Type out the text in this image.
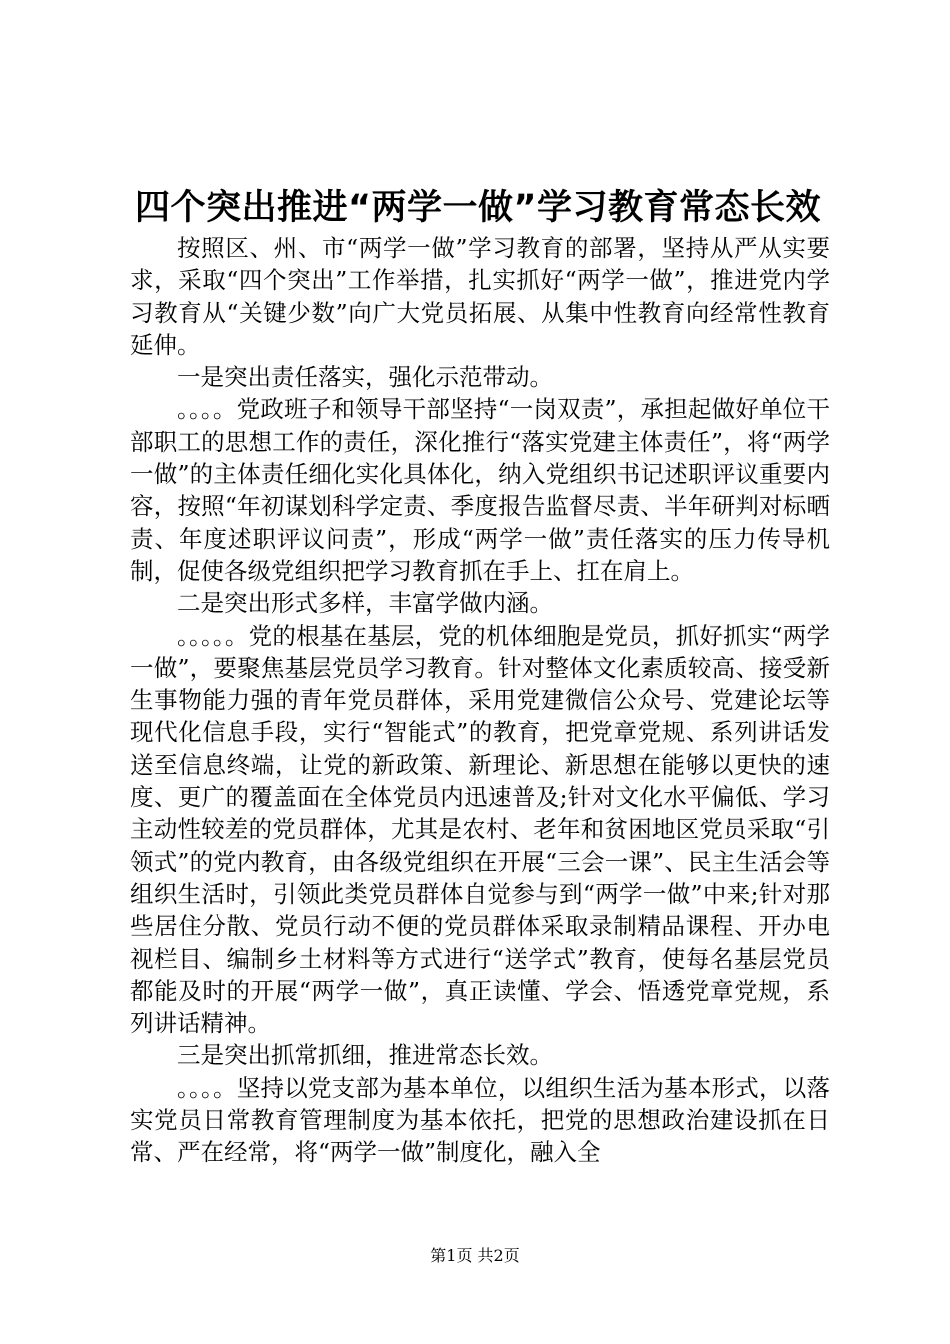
四个突出推进“两学一做”学习教育常态长效

按照区、州、市“两学一做”学习教育的部署，坚持从严从实要求，采取“四个突出”工作举措，扎实抓好“两学一做”，推进党内学习教育从“关键少数”向广大党员拓展、从集中性教育向经常性教育延伸。

一是突出责任落实，强化示范带动。

。。。。党政班子和领导干部坚持“一岗双责”，承担起做好单位干部职工的思想工作的责任，深化推行“落实党建主体责任”，将“两学一做”的主体责任细化实化具体化，纳入党组织书记述职评议重要内容，按照“年初谋划科学定责、季度报告监督尽责、半年研判对标晒责、年度述职评议问责”，形成“两学一做”责任落实的压力传导机制，促使各级党组织把学习教育抓在手上、扛在肩上。

二是突出形式多样，丰富学做内涵。

。。。。。党的根基在基层，党的机体细胞是党员，抓好抓实“两学一做”，要聚焦基层党员学习教育。针对整体文化素质较高、接受新生事物能力强的青年党员群体，采用党建微信公众号、党建论坛等现代化信息手段，实行“智能式”的教育，把党章党规、系列讲话发送至信息终端，让党的新政策、新理论、新思想在能够以更快的速度、更广的覆盖面在全体党员内迅速普及;针对文化水平偏低、学习主动性较差的党员群体，尤其是农村、老年和贫困地区党员采取“引领式”的党内教育，由各级党组织在开展“三会一课”、民主生活会等组织生活时，引领此类党员群体自觉参与到“两学一做”中来;针对那些居住分散、党员行动不便的党员群体采取录制精品课程、开办电视栏目、编制乡土材料等方式进行“送学式”教育，使每名基层党员都能及时的开展“两学一做”，真正读懂、学会、悟透党章党规，系列讲话精神。

三是突出抓常抓细，推进常态长效。

。。。。坚持以党支部为基本单位，以组织生活为基本形式，以落实党员日常教育管理制度为基本依托，把党的思想政治建设抓在日常、严在经常，将“两学一做”制度化，融入全

第1页 共2页
